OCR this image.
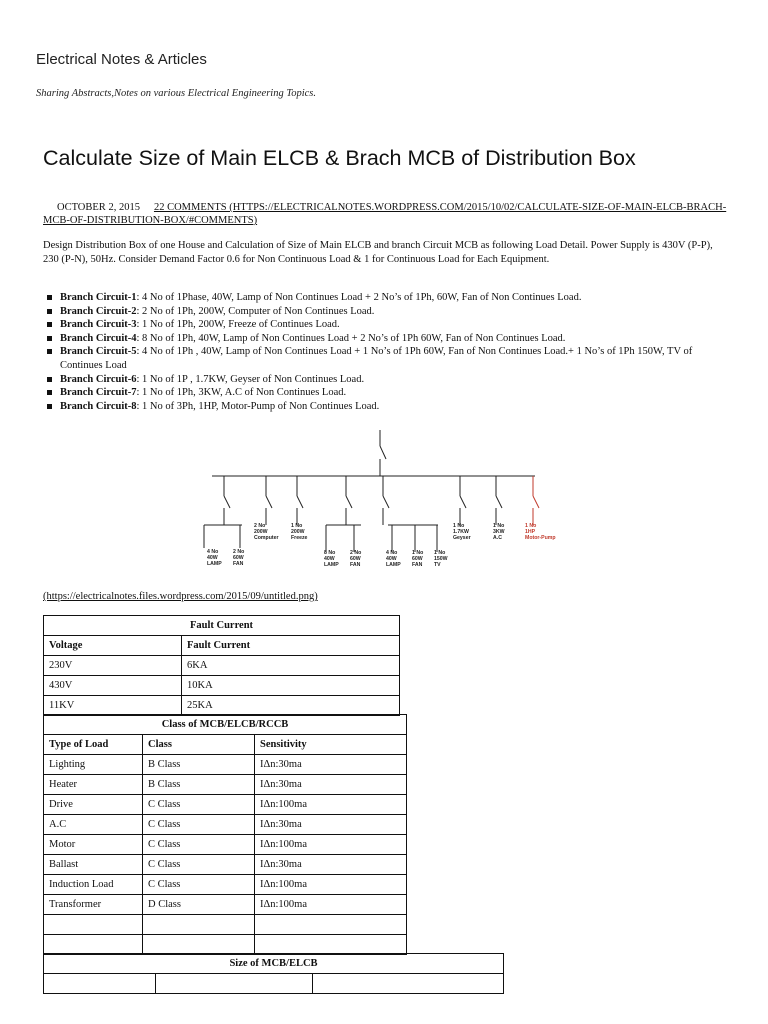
Electrical Notes & Articles
Sharing Abstracts,Notes on various Electrical Engineering Topics.
Calculate Size of Main ELCB & Brach MCB of Distribution Box
OCTOBER 2, 2015 22 COMMENTS (HTTPS://ELECTRICALNOTES.WORDPRESS.COM/2015/10/02/CALCULATE-SIZE-OF-MAIN-ELCB-BRACH-MCB-OF-DISTRIBUTION-BOX/#COMMENTS)
Design Distribution Box of one House and Calculation of Size of Main ELCB and branch Circuit MCB as following Load Detail. Power Supply is 430V (P-P), 230 (P-N), 50Hz. Consider Demand Factor 0.6 for Non Continuous Load & 1 for Continuous Load for Each Equipment.
Branch Circuit-1: 4 No of 1Phase, 40W, Lamp of Non Continues Load + 2 No’s of 1Ph, 60W, Fan of Non Continues Load.
Branch Circuit-2: 2 No of 1Ph, 200W, Computer of Non Continues Load.
Branch Circuit-3: 1 No of 1Ph, 200W, Freeze of Continues Load.
Branch Circuit-4: 8 No of 1Ph, 40W, Lamp of Non Continues Load + 2 No’s of 1Ph 60W, Fan of Non Continues Load.
Branch Circuit-5: 4 No of 1Ph , 40W, Lamp of Non Continues Load + 1 No’s of 1Ph 60W, Fan of Non Continues Load.+ 1 No’s of 1Ph 150W, TV of Continues Load
Branch Circuit-6: 1 No of 1P , 1.7KW, Geyser of Non Continues Load.
Branch Circuit-7: 1 No of 1Ph, 3KW, A.C of Non Continues Load.
Branch Circuit-8: 1 No of 3Ph, 1HP, Motor-Pump of Non Continues Load.
4 No
40W
LAMP
2 No
60W
FAN
2 No
200W
Computer
1 No
200W
Freeze
8 No
40W
LAMP
2 No
60W
FAN
4 No
40W
LAMP
1 No
60W
FAN
1 No
150W
TV
1 No
1.7KW
Geyser
1 No
3KW
A.C
1 No
1HP
Motor-Pump
(https://electricalnotes.files.wordpress.com/2015/09/untitled.png)
Fault Current	
Voltage	Fault Current
230V	6KA
430V	10KA
11KV	25KA
Class of MCB/ELCB/RCCB		
Type of Load	Class	Sensitivity
Lighting	B Class	IΔn:30ma
Heater	B Class	IΔn:30ma
Drive	C Class	IΔn:100ma
A.C	C Class	IΔn:30ma
Motor	C Class	IΔn:100ma
Ballast	C Class	IΔn:30ma
Induction Load	C Class	IΔn:100ma
Transformer	D Class	IΔn:100ma

Size of MCB/ELCB
